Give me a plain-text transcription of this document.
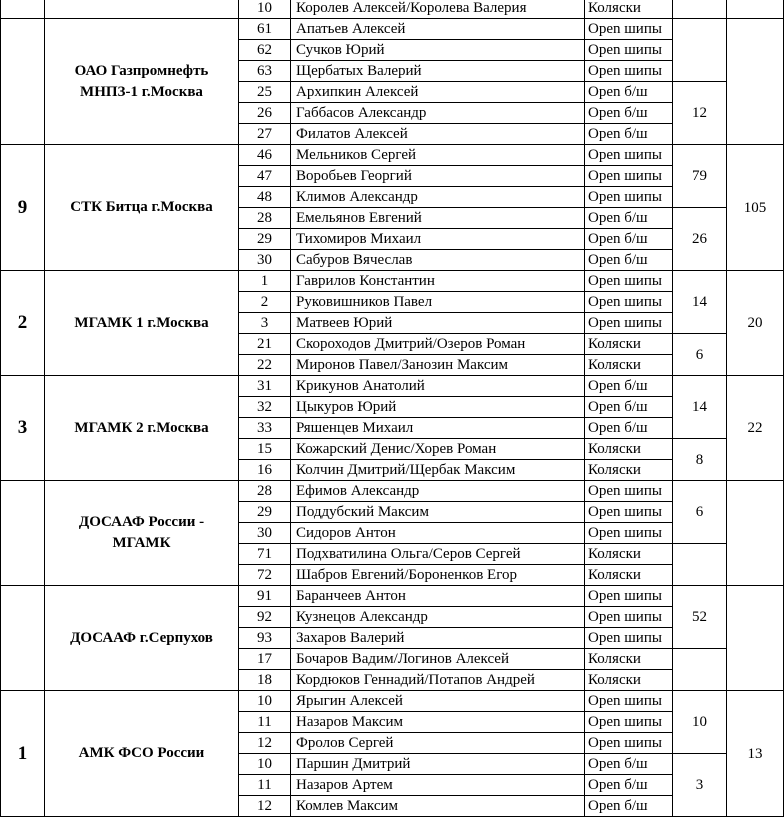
		10	Королев Алексей/Королева Валерия	Коляски		
	ОАО Газпромнефть МНПЗ-1 г.Москва	61	Апатьев Алексей	Open шипы		
		62	Сучков Юрий	Open шипы		
		63	Щербатых Валерий	Open шипы		
		25	Архипкин Алексей	Open б/ш	12	
		26	Габбасов Александр	Open б/ш		
		27	Филатов Алексей	Open б/ш		
9	СТК Битца г.Москва	46	Мельников Сергей	Open шипы	79	105
		47	Воробьев Георгий	Open шипы		
		48	Климов Александр	Open шипы		
		28	Емельянов Евгений	Open б/ш	26	
		29	Тихомиров Михаил	Open б/ш		
		30	Сабуров Вячеслав	Open б/ш		
2	МГАМК 1 г.Москва	1	Гаврилов Константин	Open шипы	14	20
		2	Руковишников Павел	Open шипы		
		3	Матвеев Юрий	Open шипы		
		21	Скороходов Дмитрий/Озеров Роман	Коляски	6	
		22	Миронов Павел/Занозин Максим	Коляски		
3	МГАМК 2 г.Москва	31	Крикунов Анатолий	Open б/ш	14	22
		32	Цыкуров Юрий	Open б/ш		
		33	Ряшенцев Михаил	Open б/ш		
		15	Кожарский Денис/Хорев Роман	Коляски	8	
		16	Колчин Дмитрий/Щербак Максим	Коляски		
	ДОСААФ России - МГАМК	28	Ефимов Александр	Open шипы	6	
		29	Поддубский Максим	Open шипы		
		30	Сидоров Антон	Open шипы		
		71	Подхватилина Ольга/Серов Сергей	Коляски		
		72	Шабров Евгений/Бороненков Егор	Коляски		
	ДОСААФ г.Серпухов	91	Баранчеев Антон	Open шипы	52	
		92	Кузнецов Александр	Open шипы		
		93	Захаров Валерий	Open шипы		
		17	Бочаров Вадим/Логинов Алексей	Коляски		
		18	Кордюков Геннадий/Потапов Андрей	Коляски		
1	АМК ФСО России	10	Ярыгин Алексей	Open шипы	10	13
		11	Назаров Максим	Open шипы		
		12	Фролов Сергей	Open шипы		
		10	Паршин Дмитрий	Open б/ш	3	
		11	Назаров Артем	Open б/ш		
		12	Комлев Максим	Open б/ш		
